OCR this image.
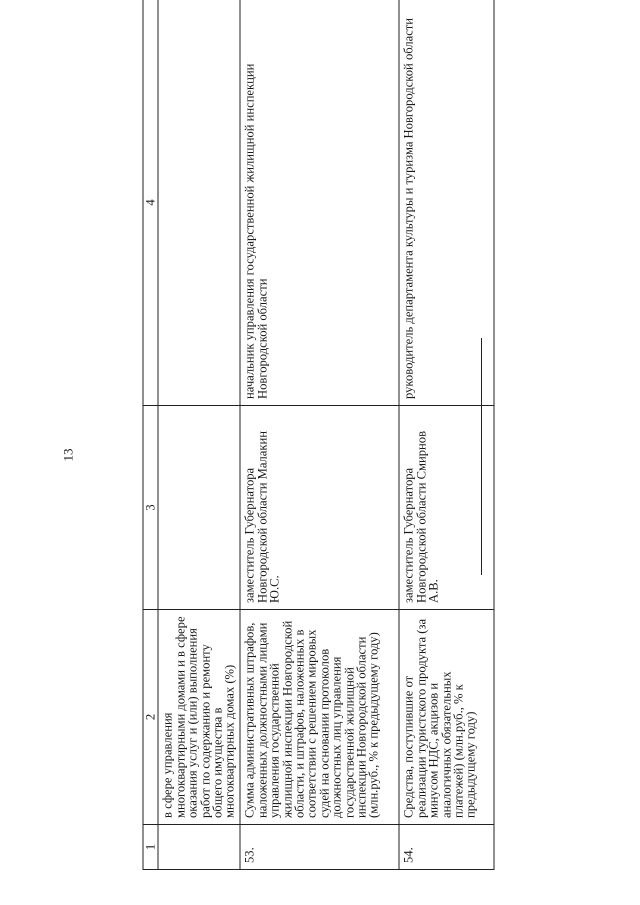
13
1	2	3	4
	в сфере управления многоквартирными домами и в сфере оказания услуг и (или) выполнения работ по содержанию и ремонту общего имущества в многоквартирных домах (%)		
53.	Сумма административных штрафов, наложенных должностными лицами управления государственной жилищной инспекции Новгородской области, и штрафов, наложенных в соответствии с решением мировых судей на основании протоколов должностных лиц управления государственной жилищной инспекции Новгородской области (млн.руб., % к предыдущему году)	заместитель Губернатора Новгородской области Малакин Ю.С.	начальник управления государственной жилищной инспекции Новгородской области
54.	Средства, поступившие от реализации туристского продукта (за минусом НДС, акцизов и аналогичных обязательных платежей) (млн.руб., % к предыдущему году)	заместитель Губернатора Новгородской области Смирнов А.В.	руководитель департамента культуры и туризма Новгородской области
